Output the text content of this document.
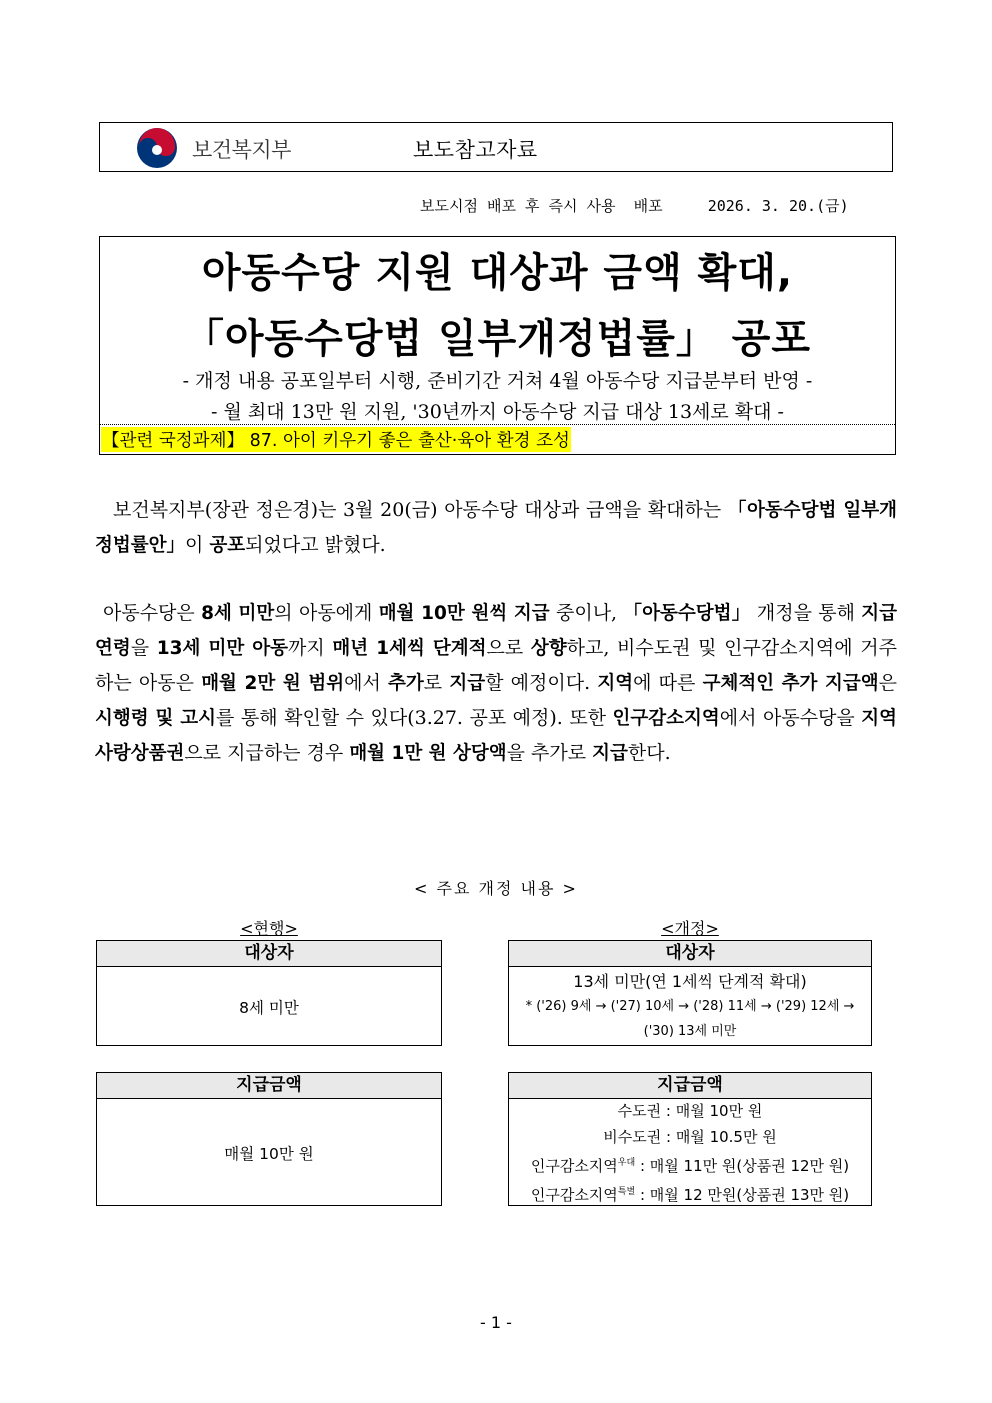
보건복지부	보도참고자료
보도시점 배포 후 즉시 사용  배포     2026. 3. 20.(금)
아동수당 지원 대상과 금액 확대,
「아동수당법 일부개정법률」 공포
- 개정 내용 공포일부터 시행, 준비기간 거쳐 4월 아동수당 지급분부터 반영 -
- 월 최대 13만 원 지원, '30년까지 아동수당 지급 대상 13세로 확대 -
【관련 국정과제】 87. 아이 키우기 좋은 출산·육아 환경 조성
보건복지부(장관 정은경)는 3월 20(금) 아동수당 대상과 금액을 확대하는 「아동수당법 일부개정법률안」이 공포되었다고 밝혔다.
아동수당은 8세 미만의 아동에게 매월 10만 원씩 지급 중이나, 「아동수당법」 개정을 통해 지급 연령을 13세 미만 아동까지 매년 1세씩 단계적으로 상향하고, 비수도권 및 인구감소지역에 거주하는 아동은 매월 2만 원 범위에서 추가로 지급할 예정이다. 지역에 따른 구체적인 추가 지급액은 시행령 및 고시를 통해 확인할 수 있다(3.27. 공포 예정). 또한 인구감소지역에서 아동수당을 지역사랑상품권으로 지급하는 경우 매월 1만 원 상당액을 추가로 지급한다.
< 주요 개정 내용 >
<현행>	<개정>
대상자
8세 미만
대상자
13세 미만(연 1세씩 단계적 확대)
* ('26) 9세 → ('27) 10세 → ('28) 11세 → ('29) 12세 →
('30) 13세 미만
지급금액
매월 10만 원
지급금액
수도권 : 매월 10만 원
비수도권 : 매월 10.5만 원
인구감소지역$^{우대}$ : 매월 11만 원(상품권 12만 원)
인구감소지역$^{특별}$ : 매월 12 만원(상품권 13만 원)
- 1 -
